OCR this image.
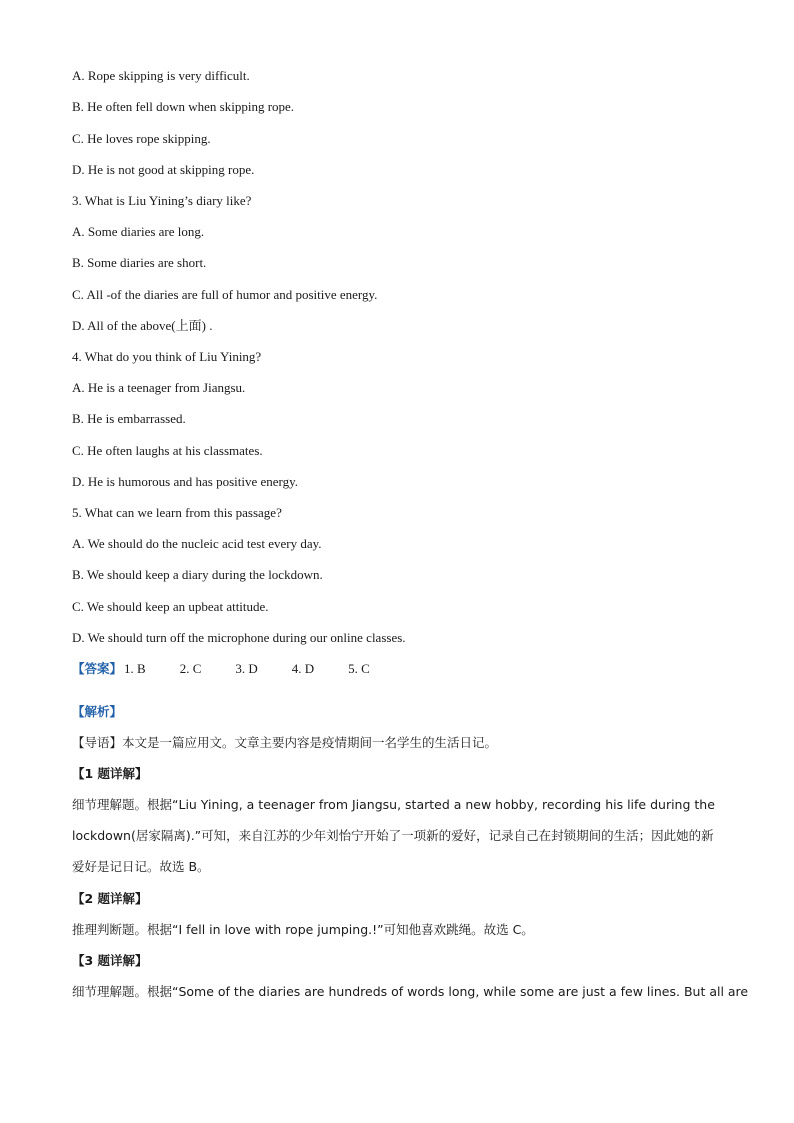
A. Rope skipping is very difficult.
B. He often fell down when skipping rope.
C. He loves rope skipping.
D. He is not good at skipping rope.
3. What is Liu Yining’s diary like?
A. Some diaries are long.
B. Some diaries are short.
C. All -of the diaries are full of humor and positive energy.
D. All of the above(上面) .
4. What do you think of Liu Yining?
A. He is a teenager from Jiangsu.
B. He is embarrassed.
C. He often laughs at his classmates.
D. He is humorous and has positive energy.
5. What can we learn from this passage?
A. We should do the nucleic acid test every day.
B. We should keep a diary during the lockdown.
C. We should keep an upbeat attitude.
D. We should turn off the microphone during our online classes.
【答案】 1. B	2. C	3. D	4. D	5. C
【解析】
【导语】本文是一篇应用文。文章主要内容是疫情期间一名学生的生活日记。
【1 题详解】
细节理解题。根据“Liu Yining, a teenager from Jiangsu, started a new hobby, recording his life during the lockdown(居家隔离).”可知，来自江苏的少年刘怡宁开始了一项新的爱好，记录自己在封锁期间的生活；因此她的新爱好是记日记。故选 B。
【2 题详解】
推理判断题。根据“I fell in love with rope jumping.!”可知他喜欢跳绳。故选 C。
【3 题详解】
细节理解题。根据“Some of the diaries are hundreds of words long, while some are just a few lines. But all are
